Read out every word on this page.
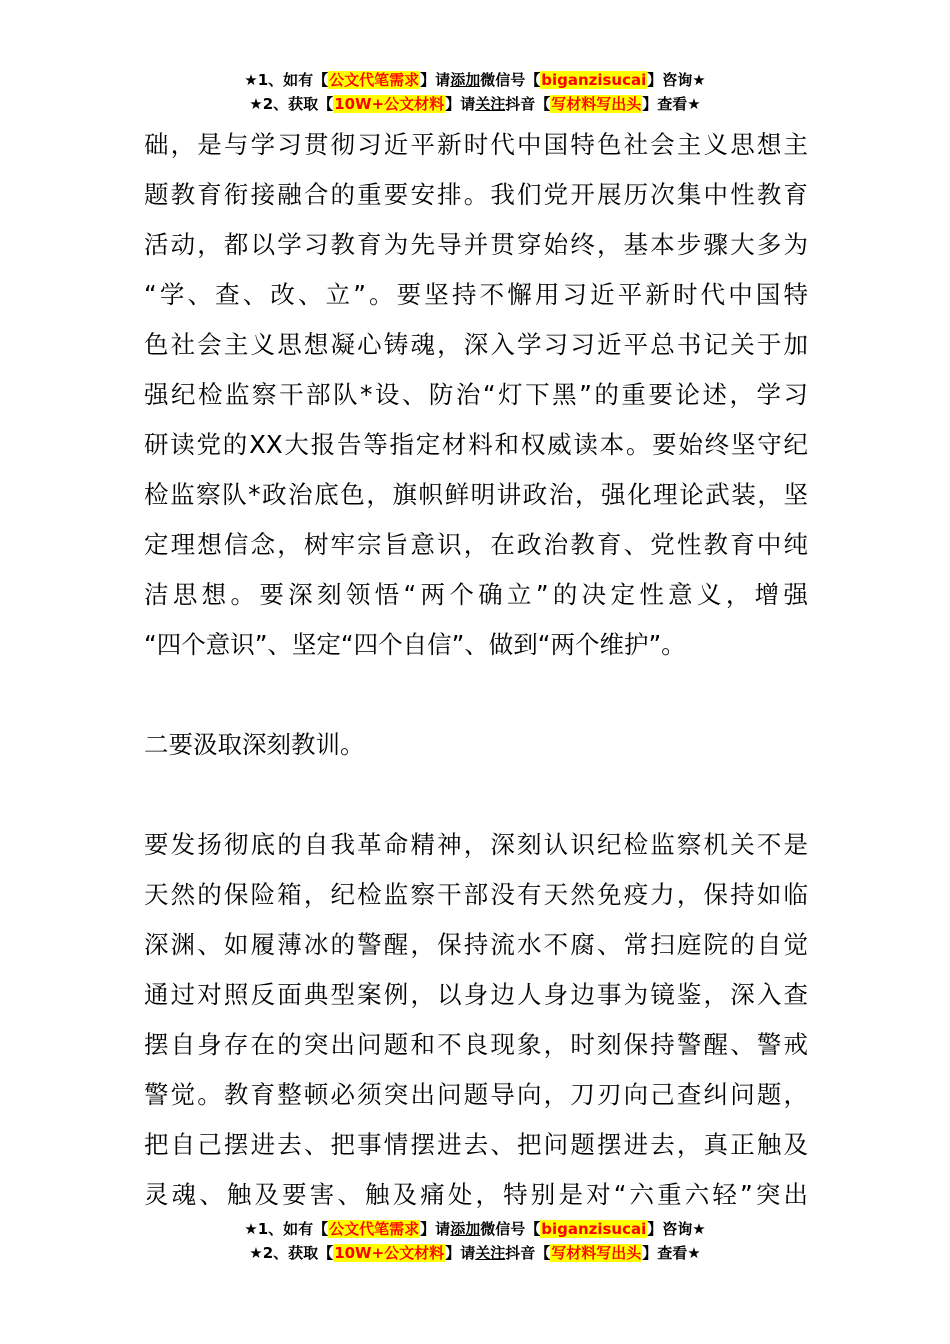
★1、如有【公文代笔需求】请添加微信号【biganzisucai】咨询★
★2、获取【10W+公文材料】请关注抖音【写材料写出头】查看★
础，是与学习贯彻习近平新时代中国特色社会主义思想主
题教育衔接融合的重要安排。我们党开展历次集中性教育
活动，都以学习教育为先导并贯穿始终，基本步骤大多为
“学、查、改、立”。要坚持不懈用习近平新时代中国特
色社会主义思想凝心铸魂，深入学习习近平总书记关于加
强纪检监察干部队*设、防治“灯下黑”的重要论述，学习
研读党的XX大报告等指定材料和权威读本。要始终坚守纪
检监察队*政治底色，旗帜鲜明讲政治，强化理论武装，坚
定理想信念，树牢宗旨意识，在政治教育、党性教育中纯
洁思想。要深刻领悟“两个确立”的决定性意义，增强
“四个意识”、坚定“四个自信”、做到“两个维护”。
二要汲取深刻教训。
要发扬彻底的自我革命精神，深刻认识纪检监察机关不是
天然的保险箱，纪检监察干部没有天然免疫力，保持如临
深渊、如履薄冰的警醒，保持流水不腐、常扫庭院的自觉
通过对照反面典型案例，以身边人身边事为镜鉴，深入查
摆自身存在的突出问题和不良现象，时刻保持警醒、警戒
警觉。教育整顿必须突出问题导向，刀刃向己查纠问题，
把自己摆进去、把事情摆进去、把问题摆进去，真正触及
灵魂、触及要害、触及痛处，特别是对“六重六轻”突出
★1、如有【公文代笔需求】请添加微信号【biganzisucai】咨询★
★2、获取【10W+公文材料】请关注抖音【写材料写出头】查看★
